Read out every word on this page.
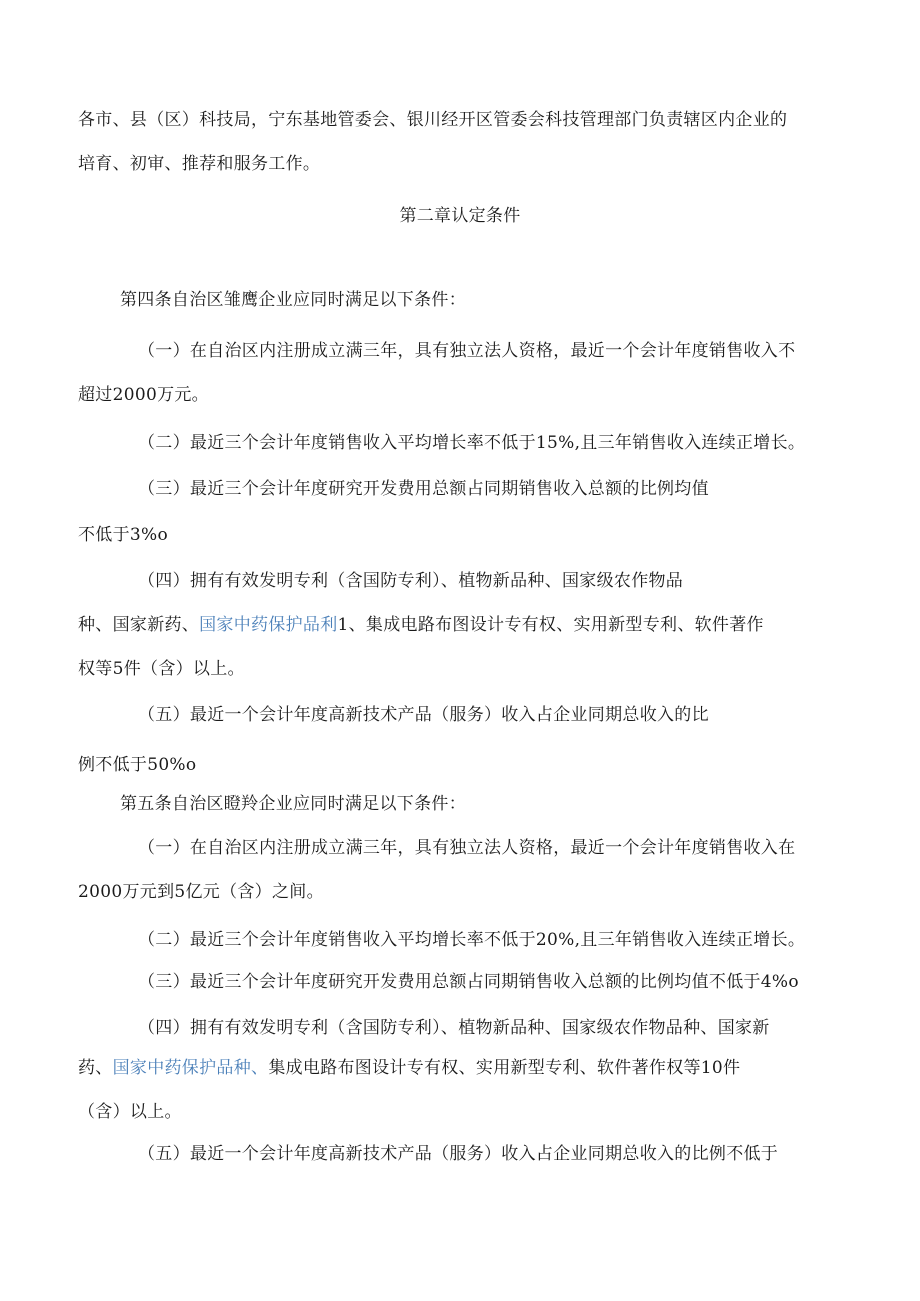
各市、县（区）科技局，宁东基地管委会、银川经开区管委会科技管理部门负责辖区内企业的
培育、初审、推荐和服务工作。
第二章认定条件
第四条自治区雏鹰企业应同时满足以下条件：
（一）在自治区内注册成立满三年，具有独立法人资格，最近一个会计年度销售收入不
超过2000万元。
（二）最近三个会计年度销售收入平均增长率不低于15%,且三年销售收入连续正增长。
（三）最近三个会计年度研究开发费用总额占同期销售收入总额的比例均值
不低于3%o
（四）拥有有效发明专利（含国防专利）、植物新品种、国家级农作物品
种、国家新药、国家中药保护品利1、集成电路布图设计专有权、实用新型专利、软件著作
权等5件（含）以上。
（五）最近一个会计年度高新技术产品（服务）收入占企业同期总收入的比
例不低于50%o
第五条自治区瞪羚企业应同时满足以下条件：
（一）在自治区内注册成立满三年，具有独立法人资格，最近一个会计年度销售收入在
2000万元到5亿元（含）之间。
（二）最近三个会计年度销售收入平均增长率不低于20%,且三年销售收入连续正增长。
（三）最近三个会计年度研究开发费用总额占同期销售收入总额的比例均值不低于4%o
（四）拥有有效发明专利（含国防专利）、植物新品种、国家级农作物品种、国家新
药、国家中药保护品种、集成电路布图设计专有权、实用新型专利、软件著作权等10件
（含）以上。
（五）最近一个会计年度高新技术产品（服务）收入占企业同期总收入的比例不低于
